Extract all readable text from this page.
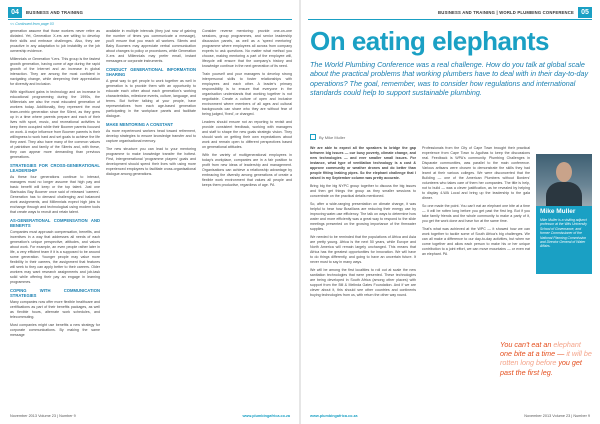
04	BUSINESS AND TRAINING
<< Continued from page 03

generation assume that those workers never retire as dictated. Yet, Generation X-ers are willing to develop their skills and embrace challenges. Also, they are proactive in any adaptation to job instability or the job ownership evidence.

Millennials or Generation Y-ers. This group is the fastest growth generation, having come of age during the rapid growth of the Internet and an increase in global interaction. They are among the most confident in navigating change, while deepening their appreciation for diversity and inclusion.

With significant gains in technology and an increase in educational programming during the 1990s, the Millennials are also the most educated generation of workers today. Additionally, they represent the most team-centric generation since the Silent, as they grew up in a time where parents prepare and each of their lives with sport, music, and recreational activities to keep them occupied while their Boomer parents focused on work. A major influence from Boomer parents is their willingness to work hard and set goals to achieve the life they want. They also have many of the common values of patriotism and family of the Silents and, with these, they can appear more demanding than previous generations.

STRATEGIES FOR CROSS-GENERATIONAL LEADERSHIP

As these four generations continue to interact, managers must no longer assume that high pay and basic benefit will keep or the top talent. Just one Starbucks Bay Boomer once said of released 'careers'. Generation has to demand challenging and balanced work assignments, and Millennials expect high jobs to exchange through and technological using modern tools that create ways to recruit and retain talent.

AS-GENERATIONAL COMPENSATION AND BENEFITS

Companies must approach compensation, benefits, and incentives in a way that addresses all needs of each generation's unique perspective, attitudes, and values about work. For example, an even people rather later in life, a very efficient team if it is a supposed to be around some generation. Younger people may value more flexibility in their careers, the assignment that features will seek to they can apply better to their careers. Older workers may want research assignments and job-task solid while offering their pay an engage in learning programmes.

COPING WITH COMMUNICATION STRATEGIES

Many companies now offer more flexible healthcare and certifications as part of their benefits packages, as well as flexible hours, alternate work schedules, and telecommuting.

Most companies might use benefits a new strategy for corporate communications. By making the same message

available in multiple intervals (they just now of gaining the number of times you communicate a message), you'll ensure that you reach all workers. Silents and Baby Boomers may appreciate verbal communication about changes to policy or procedures, while Generation X-ers and Millennials may prefer email, instant messages or corporate instruments.

CONDUCT GENERATIONAL INFORMATION SHARING

A great way to get people to work together as well in generation is to provide them with an opportunity to educate each other about each generation's working characteristics, milestone events, culture, language, and terms. But further talking at your people, have representatives from each age-based generation participating in the workplace panels and facilitate dialogue.

MAKE MENTORING A CONSTANT

As more experienced workers head toward retirement, develop strategies to ensure knowledge transfer and to capture organisational memory.

The new structure you can lead to your mentoring programme to make knowledge transfer the hottest. First, intergenerational 'programme players' goals and development should spend their lives with using more experienced employees to facilitate cross-organisational dialogue among generations.

Consider reverse mentoring: provide one-on-one sessions, group programmes, and senior leadership discussion panels, as well as a 'speed mentoring' programme where employees all across from company experts to ask questions. No matter what method you choose, making mentoring a part of the employee will, lifecycle will ensure that the company's history and knowledge continue in the next generation of its need.

Train yourself and your managers to develop strong interpersonal skills to foster relationships with employees and each other. A leader's primary responsibility is to ensure that everyone in the organisation understands that working together is not negotiable. Create a culture of open and inclusive environment where members of all ages and cultural backgrounds can share who they are without fear of being judged, 'fixed', or changed.

Leaders should ensure not an reporting to revisit and provide consistent feedback, working with managers and staff to shape the new goals strategic vision. They should work on getting their own expectations about work and remain open to different perspectives based on generational attitudes.

With the variety of multigenerational employees in today's workplace, companies are in a fair position to profit from new ideas of leadership and management. Organisations can achieve a relationship advantage by embracing the diversity among generations of create a flexible work environment that values all people and keeps them productive, regardless of age. PA

November 2013 Volume 23 | Number 9	www.plumbingafrica.co.za
BUSINESS AND TRAINING | WORLD PLUMBING CONFERENCE	05
On eating elephants
The World Plumbing Conference was a real challenge. How do you talk at global scale about the practical problems that working plumbers have to deal with in their day-to-day operations? The goal, remember, was to consider how regulations and international standards could help to support sustainable plumbing.
By Mike Muller

We are able to expect all the speakers to bridge the gap between big issues — our busy poverty, climate change, and new technologies — and ever smaller small issues. For instance, what type of ventilation technology is a cost & approve community or weather drones and do better than people fitting leaking pipes. So the elephant challenge that I raised in my September column was pretty accurate.

Bring big the big NYPC group together to discuss the big issues and then get things the group as they smaller sessions to concentrate on the practical details mentioned.

So, after a wide-ranging presentation on climate change, it was helpful to hear how Brazilians are reducing their energy use by improving water-use efficiency. The talk on ways to determine how water and more efficiently was a great way to respond to the slide meetings presented on the growing importance of the firmwater supplies.

We needed to be reminded that the populations of Africa and Asia are pretty young. Africa is the next 50 years, while Europe and North America will remain largely unchanged. This means that Africa has the greatest opportunities for innovation. We will have to do things differently, and going to have an uncertain future. It never must to say in many ways.

We will be among the first localities to roll out at scale the new sanitation technologies that were presented. These technologies are being developed in South Africa (among other places) with support from the Bill & Melinda Gates Foundation. And if we are clever about it, this should see other countries and continents buying technologies from us, with return the other way round.

Professionals from the City of Cape Town brought their practical experience from Cape Town to Agulhas to keep the discussions real. Feedback is WPA's community. Plumbing Challenges in Disparate communities, was parallel to the main conference. Various artisans were chosen to demonstrate the skills they had learnt at their various colleges. We were disconcerted that the Building — one of the American Plumbers without Borders' volunteers who takes care of them her companies. The title is help, not to build — was a clever justification, as he revealed by helping to display 4-WA Local and bring up the leadership to the gala dinner.

So one made the point. You can't eat an elephant one bite at a time — it will be rotten long before you get past the first leg. But if you take family friends and the whole community to make a party of it, you get the work done and have fun at the same time.

That's what was achieved at the WPC — it showed how we can work together to tackle some of South Africa's big challenges. We can all make a difference to our day-to-day activities, but when we come together and allow each person to make his or her unique contribution to a joint effort, we can move mountains — or even eat an elephant. PA

Mike Muller
Mike Muller is a visiting adjunct professor at the Wits University School of Governance, and former Commissioner of the National Planning Commission and Director General of Water Affairs.
You can't eat an elephant one bite at a time — it will be rotten long before you get past the first leg.
www.plumbingafrica.co.za	November 2013 Volume 23 | Number 9
